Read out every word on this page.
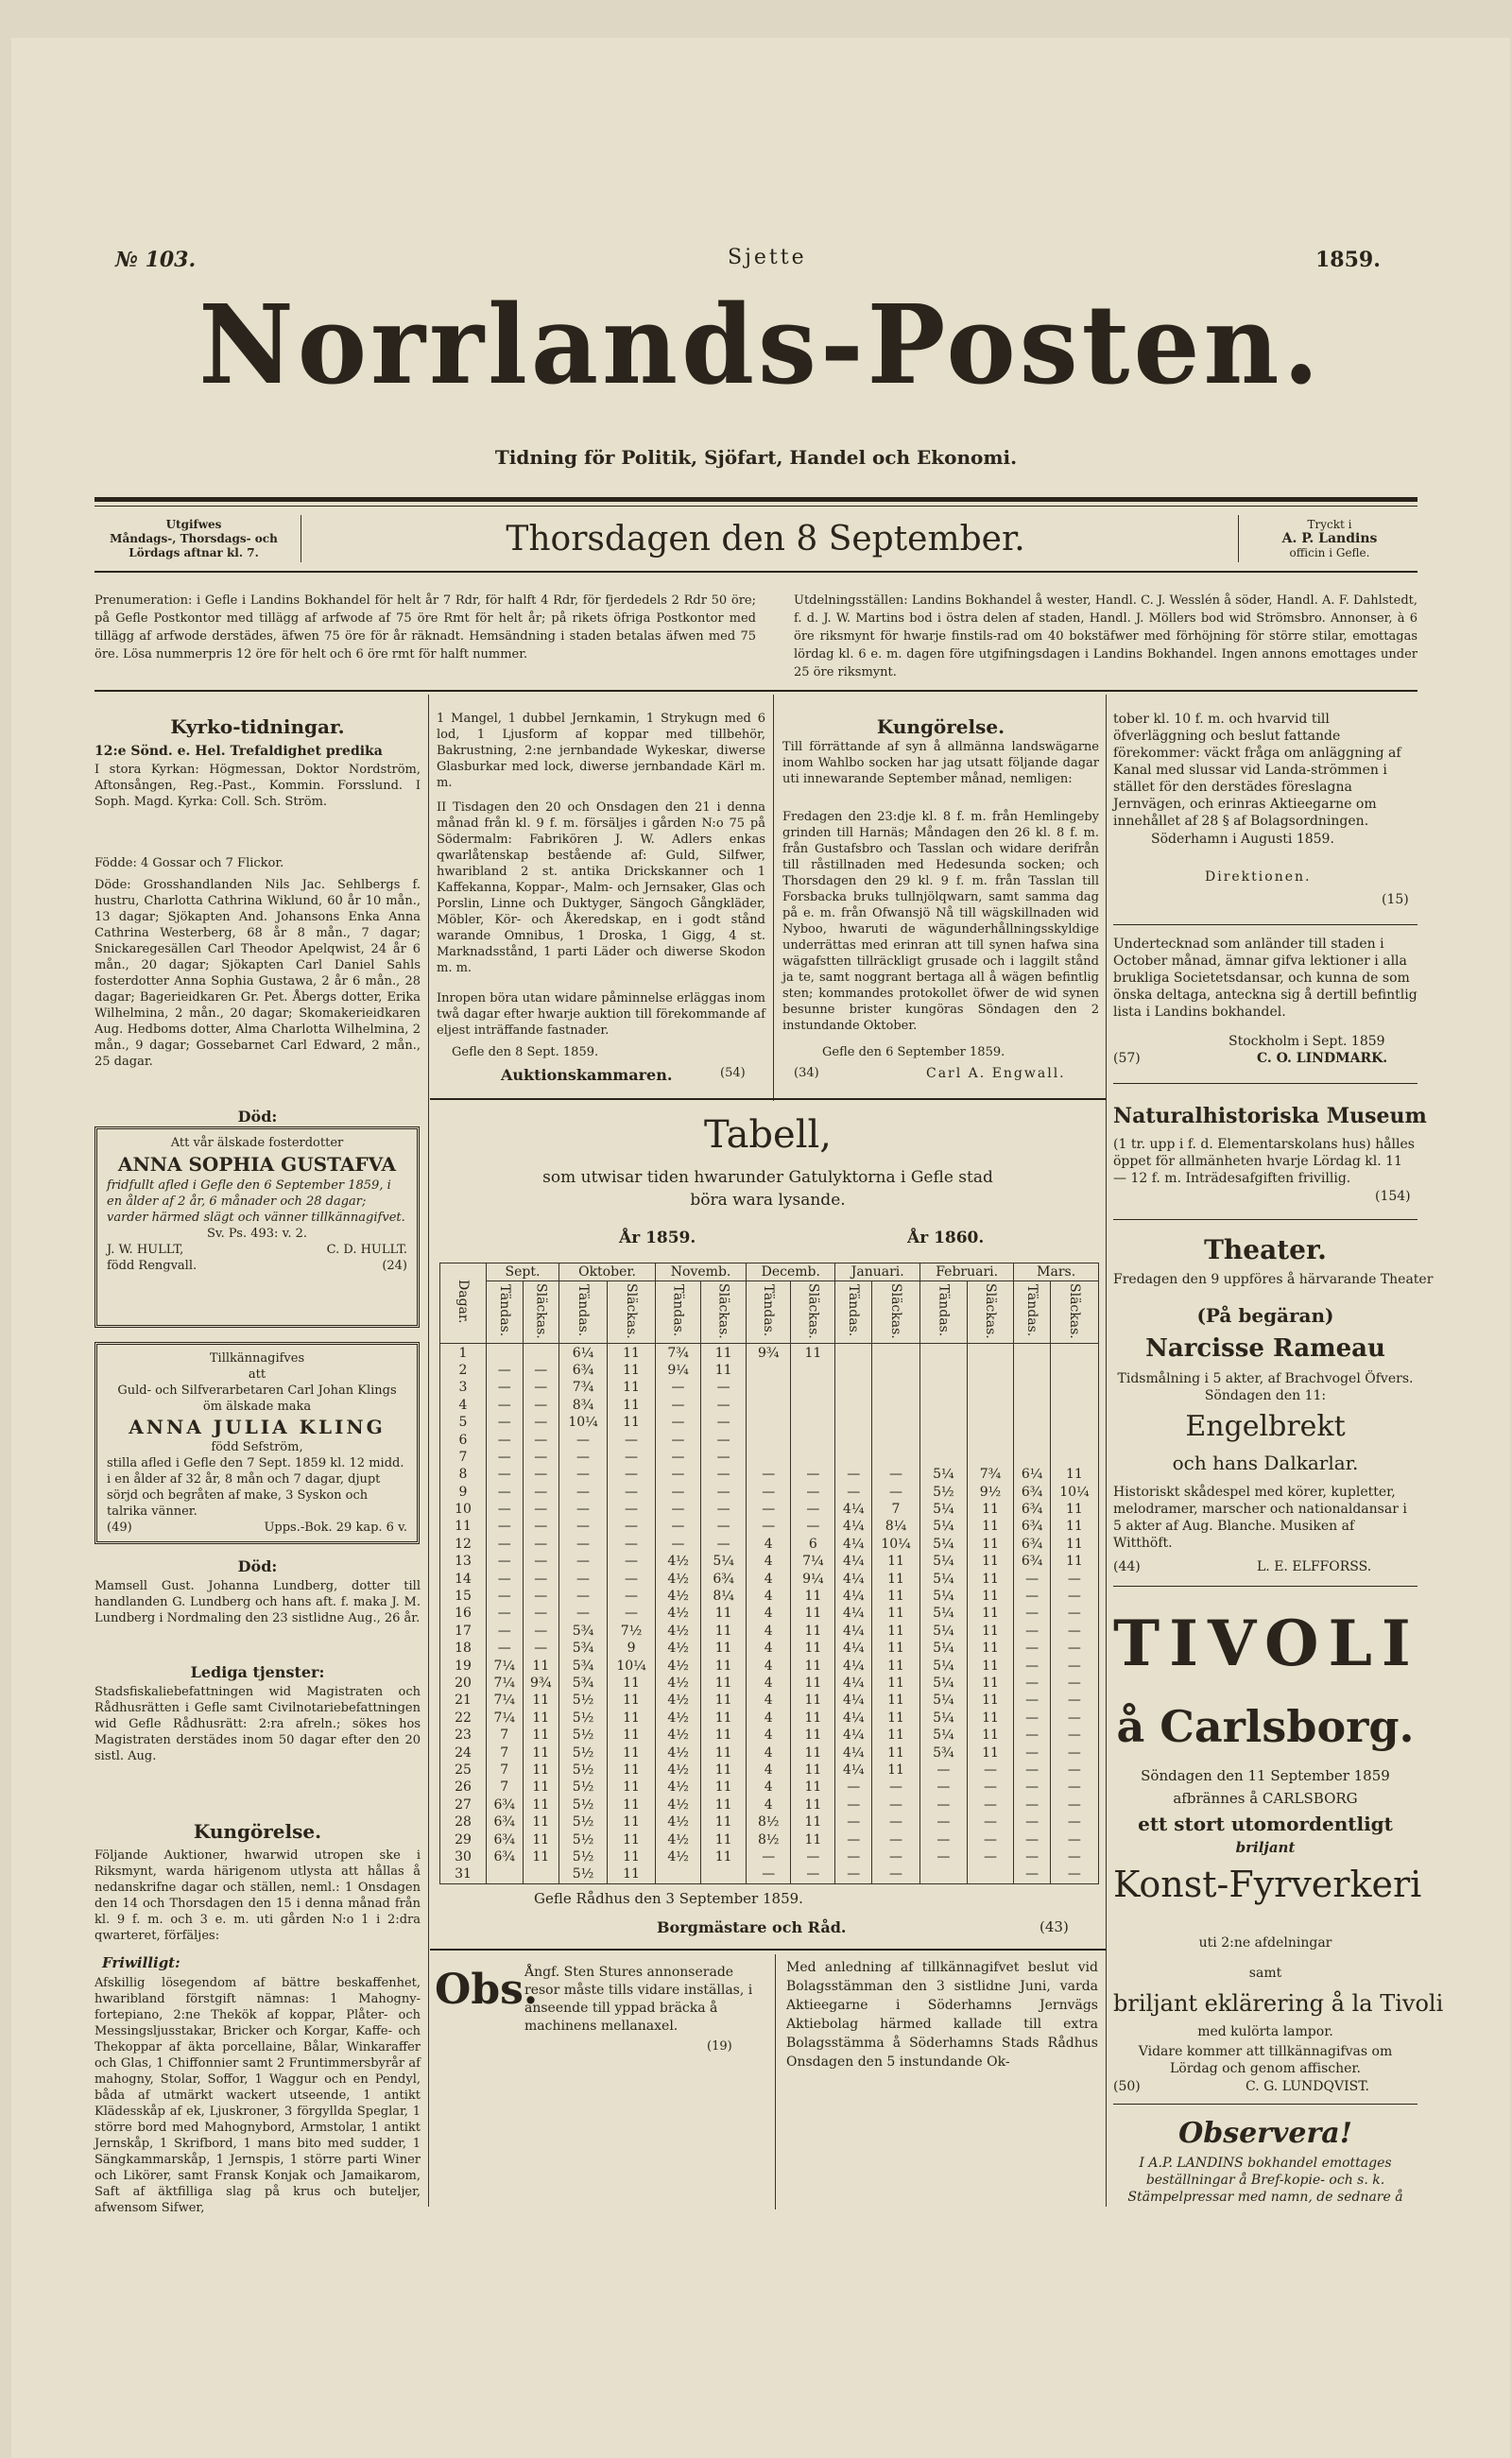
№ 103.	Sjette	1859.
Norrlands-Posten.
Tidning för Politik, Sjöfart, Handel och Ekonomi.
Utgifwes
Måndags-, Thorsdags- och
Lördags aftnar kl. 7.	Thorsdagen den 8 September.	Tryckt i
A. P. Landins
officin i Gefle.
Prenumeration: i Gefle i Landins Bokhandel för helt år 7 Rdr, för halft 4 Rdr, för fjerdedels 2 Rdr 50 öre; på Gefle Postkontor med tillägg af arfwode af 75 öre Rmt för helt år; på rikets öfriga Postkontor med tillägg af arfwode derstädes, äfwen 75 öre för år räknadt. Hemsändning i staden betalas äfwen med 75 öre. Lösa nummerpris 12 öre för helt och 6 öre rmt för halft nummer.
Utdelningsställen: Landins Bokhandel å wester, Handl. C. J. Wesslén å söder, Handl. A. F. Dahlstedt, f. d. J. W. Martins bod i östra delen af staden, Handl. J. Möllers bod wid Strömsbro. Annonser, à 6 öre riksmynt för hwarje finstils-rad om 40 bokstäfwer med förhöjning för större stilar, emottagas lördag kl. 6 e. m. dagen före utgifningsdagen i Landins Bokhandel. Ingen annons emottages under 25 öre riksmynt.
Kyrko-tidningar.
12:e Sönd. e. Hel. Trefaldighet predika
I stora Kyrkan: Högmessan, Doktor Nordström, Aftonsången, Reg.-Past., Kommin. Forsslund. I Soph. Magd. Kyrka: Coll. Sch. Ström.
Födde: 4 Gossar och 7 Flickor.
Döde: Grosshandlanden Nils Jac. Sehlbergs f. hustru, Charlotta Cathrina Wiklund, 60 år 10 mån., 13 dagar; Sjökapten And. Johansons Enka Anna Cathrina Westerberg, 68 år 8 mån., 7 dagar; Snickaregesällen Carl Theodor Apelqwist, 24 år 6 mån., 20 dagar; Sjökapten Carl Daniel Sahls fosterdotter Anna Sophia Gustawa, 2 år 6 mån., 28 dagar; Bagerieidkaren Gr. Pet. Åbergs dotter, Erika Wilhelmina, 2 mån., 20 dagar; Skomakerieidkaren Aug. Hedboms dotter, Alma Charlotta Wilhelmina, 2 mån., 9 dagar; Gossebarnet Carl Edward, 2 mån., 25 dagar.
Död:
Att vår älskade fosterdotter
ANNA SOPHIA GUSTAFVA
fridfullt afled i Gefle den 6 September 1859, i en ålder af 2 år, 6 månader och 28 dagar; varder härmed slägt och vänner tillkännagifvet.
Sv. Ps. 493: v. 2.
J. W. HULLT,	C. D. HULLT.
född Rengvall.	(24)
Tillkännagifves
att
Guld- och Silfverarbetaren Carl Johan Klings öm älskade maka
ANNA JULIA KLING
född Sefström,
stilla afled i Gefle den 7 Sept. 1859 kl. 12 midd. i en ålder af 32 år, 8 mån och 7 dagar, djupt sörjd och begråten af make, 3 Syskon och talrika vänner.
(49)	Upps.-Bok. 29 kap. 6 v.
Död:
Mamsell Gust. Johanna Lundberg, dotter till handlanden G. Lundberg och hans aft. f. maka J. M. Lundberg i Nordmaling den 23 sistlidne Aug., 26 år.
Lediga tjenster:
Stadsfiskaliebefattningen wid Magistraten och Rådhusrätten i Gefle samt Civilnotariebefattningen wid Gefle Rådhusrätt: 2:ra afreln.; sökes hos Magistraten derstädes inom 50 dagar efter den 20 sistl. Aug.
Kungörelse.
Följande Auktioner, hwarwid utropen ske i Riksmynt, warda härigenom utlysta att hållas å nedanskrifne dagar och ställen, neml.: 1 Onsdagen den 14 och Thorsdagen den 15 i denna månad från kl. 9 f. m. och 3 e. m. uti gården N:o 1 i 2:dra qwarteret, förfäljes:
Friwilligt:
Afskillig lösegendom af bättre beskaffenhet, hwaribland förstgift nämnas: 1 Mahogny-fortepiano, 2:ne Thekök af koppar, Plåter- och Messingsljusstakar, Bricker och Korgar, Kaffe- och Thekoppar af äkta porcellaine, Bålar, Winkaraffer och Glas, 1 Chiffonnier samt 2 Fruntimmersbyrår af mahogny, Stolar, Soffor, 1 Waggur och en Pendyl, båda af utmärkt wackert utseende, 1 antikt Klädesskåp af ek, Ljuskroner, 3 förgyllda Speglar, 1 större bord med Mahognybord, Armstolar, 1 antikt Jernskåp, 1 Skrifbord, 1 mans bito med sudder, 1 Sängkammarskåp, 1 Jernspis, 1 större parti Winer och Likörer, samt Fransk Konjak och Jamaikarom, Saft af äktfilliga slag på krus och buteljer, afwensom Sifwer,
1 Mangel, 1 dubbel Jernkamin, 1 Strykugn med 6 lod, 1 Ljusform af koppar med tillbehör, Bakrustning, 2:ne jernbandade Wykeskar, diwerse Glasburkar med lock, diwerse jernbandade Kärl m. m.
II Tisdagen den 20 och Onsdagen den 21 i denna månad från kl. 9 f. m. försäljes i gården N:o 75 på Södermalm: Fabrikören J. W. Adlers enkas qwarlåtenskap bestående af: Guld, Silfwer, hwaribland 2 st. antika Drickskanner och 1 Kaffekanna, Koppar-, Malm- och Jernsaker, Glas och Porslin, Linne och Duktyger, Sängoch Gångkläder, Möbler, Kör- och Åkeredskap, en i godt stånd warande Omnibus, 1 Droska, 1 Gigg, 4 st. Marknadsstånd, 1 parti Läder och diwerse Skodon m. m.
Inropen böra utan widare påminnelse erläggas inom twå dagar efter hwarje auktion till förekommande af eljest inträffande fastnader.
Gefle den 8 Sept. 1859.
Auktionskammaren.	(54)
Kungörelse.
Till förrättande af syn å allmänna landswägarne inom Wahlbo socken har jag utsatt följande dagar uti innewarande September månad, nemligen:
Fredagen den 23:dje kl. 8 f. m. från Hemlingeby grinden till Harnäs; Måndagen den 26 kl. 8 f. m. från Gustafsbro och Tasslan och widare derifrån till råstillnaden med Hedesunda socken; och Thorsdagen den 29 kl. 9 f. m. från Tasslan till Forsbacka bruks tullnjölqwarn, samt samma dag på e. m. från Ofwansjö Nå till wägskillnaden wid Nyboo, hwaruti de wägunderhållningsskyldige underrättas med erinran att till synen hafwa sina wägafstten tillräckligt grusade och i laggilt stånd ja te, samt noggrant bertaga all å wägen befintlig sten; kommandes protokollet öfwer de wid synen besunne brister kungöras Söndagen den 2 instundande Oktober.
Gefle den 6 September 1859.
(34)	Carl A. Engwall.
Tabell,
som utwisar tiden hwarunder Gatulyktorna i Gefle stad
böra wara lysande.
År 1859.	År 1860.
Dagar.	Sept.		Oktober.		Novemb.		Decemb.		Januari.		Februari.		Mars.	
	Tändas.	Släckas.	Tändas.	Släckas.	Tändas.	Släckas.	Tändas.	Släckas.	Tändas.	Släckas.	Tändas.	Släckas.	Tändas.	Släckas.
1			6¼	11	7¾	11	9¾	11						
2	—	—	6¾	11	9¼	11								
3	—	—	7¾	11	—	—								
4	—	—	8¾	11	—	—								
5	—	—	10¼	11	—	—								
6	—	—	—	—	—	—								
7	—	—	—	—	—	—								
8	—	—	—	—	—	—	—	—	—	—	5¼	7¾	6¼	11
9	—	—	—	—	—	—	—	—	—	—	5½	9½	6¾	10¼
10	—	—	—	—	—	—	—	—	4¼	7	5¼	11	6¾	11
11	—	—	—	—	—	—	—	—	4¼	8¼	5¼	11	6¾	11
12	—	—	—	—	—	—	4	6	4¼	10¼	5¼	11	6¾	11
13	—	—	—	—	4½	5¼	4	7¼	4¼	11	5¼	11	6¾	11
14	—	—	—	—	4½	6¾	4	9¼	4¼	11	5¼	11	—	—
15	—	—	—	—	4½	8¼	4	11	4¼	11	5¼	11	—	—
16	—	—	—	—	4½	11	4	11	4¼	11	5¼	11	—	—
17	—	—	5¾	7½	4½	11	4	11	4¼	11	5¼	11	—	—
18	—	—	5¾	9	4½	11	4	11	4¼	11	5¼	11	—	—
19	7¼	11	5¾	10¼	4½	11	4	11	4¼	11	5¼	11	—	—
20	7¼	9¾	5¾	11	4½	11	4	11	4¼	11	5¼	11	—	—
21	7¼	11	5½	11	4½	11	4	11	4¼	11	5¼	11	—	—
22	7¼	11	5½	11	4½	11	4	11	4¼	11	5¼	11	—	—
23	7	11	5½	11	4½	11	4	11	4¼	11	5¼	11	—	—
24	7	11	5½	11	4½	11	4	11	4¼	11	5¾	11	—	—
25	7	11	5½	11	4½	11	4	11	4¼	11	—	—	—	—
26	7	11	5½	11	4½	11	4	11	—	—	—	—	—	—
27	6¾	11	5½	11	4½	11	4	11	—	—	—	—	—	—
28	6¾	11	5½	11	4½	11	8½	11	—	—	—	—	—	—
29	6¾	11	5½	11	4½	11	8½	11	—	—	—	—	—	—
30	6¾	11	5½	11	4½	11	—	—	—	—	—	—	—	—
31			5½	11			—	—	—	—			—	—
Gefle Rådhus den 3 September 1859.
Borgmästare och Råd.	(43)
Obs.
Ångf. Sten Stures annonserade resor måste tills vidare inställas, i anseende till yppad bräcka å machinens mellanaxel.
(19)
Med anledning af tillkännagifvet beslut vid Bolagsstämman den 3 sistlidne Juni, varda Aktieegarne i Söderhamns Jernvägs Aktiebolag härmed kallade till extra Bolagsstämma å Söderhamns Stads Rådhus Onsdagen den 5 instundande Ok-
tober kl. 10 f. m. och hvarvid till öfverläggning och beslut fattande förekommer: väckt fråga om anläggning af Kanal med slussar vid Landa-strömmen i stället för den derstädes föreslagna Jernvägen, och erinras Aktieegarne om innehållet af 28 § af Bolagsordningen.
Söderhamn i Augusti 1859.
Direktionen.
(15)
Undertecknad som anländer till staden i October månad, ämnar gifva lektioner i alla brukliga Societetsdansar, och kunna de som önska deltaga, anteckna sig å dertill befintlig lista i Landins bokhandel.
Stockholm i Sept. 1859
(57)	C. O. LINDMARK.
Naturalhistoriska Museum
(1 tr. upp i f. d. Elementarskolans hus) hålles öppet för allmänheten hvarje Lördag kl. 11 — 12 f. m. Inträdesafgiften frivillig.
(154)
Theater.
Fredagen den 9 uppföres å härvarande Theater
(På begäran)
Narcisse Rameau
Tidsmålning i 5 akter, af Brachvogel Öfvers. Söndagen den 11:
Engelbrekt
och hans Dalkarlar.
Historiskt skådespel med körer, kupletter, melodramer, marscher och nationaldansar i 5 akter af Aug. Blanche. Musiken af Witthöft.
(44)	L. E. ELFFORSS.
TIVOLI
å Carlsborg.
Söndagen den 11 September 1859
afbrännes å CARLSBORG
ett stort utomordentligt
briljant
Konst-Fyrverkeri
uti 2:ne afdelningar
samt
briljant eklärering å la Tivoli
med kulörta lampor.
Vidare kommer att tillkännagifvas om Lördag och genom affischer.
(50)	C. G. LUNDQVIST.
Observera!
I A.P. LANDINS bokhandel emottages beställningar å Bref-kopie- och s. k. Stämpelpressar med namn, de sednare å
